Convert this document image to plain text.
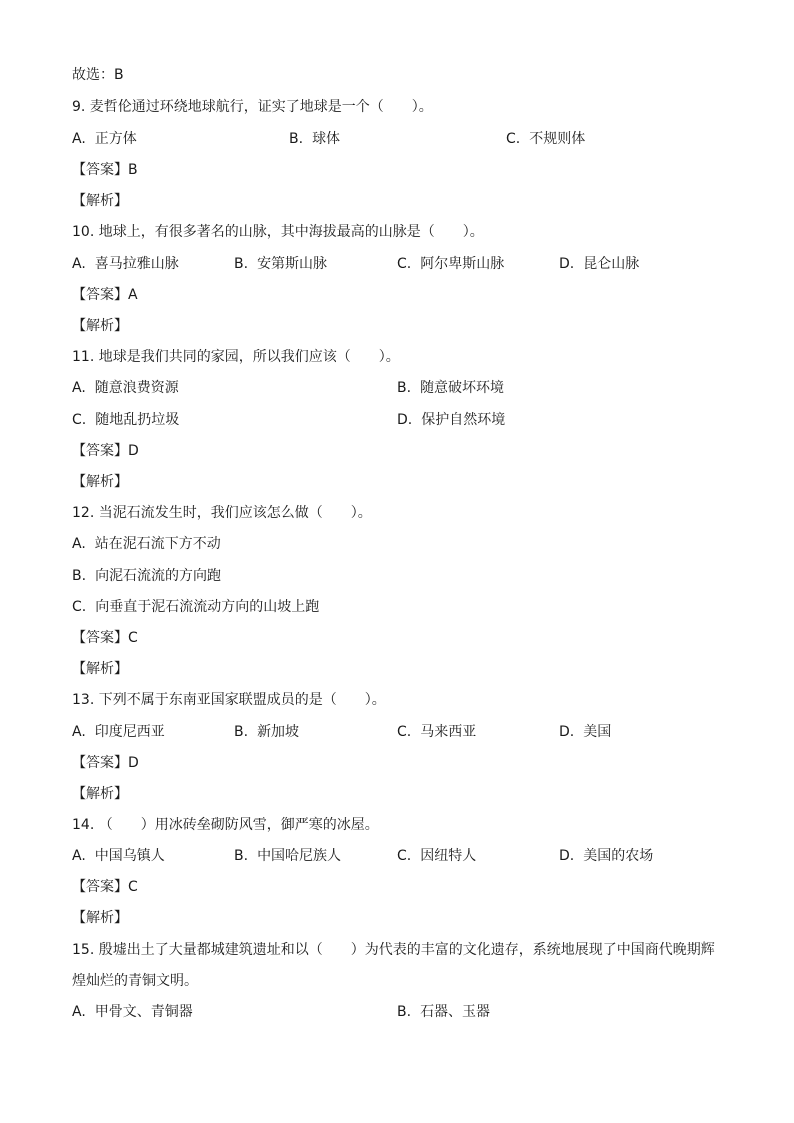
故选：B
9. 麦哲伦通过环绕地球航行，证实了地球是一个（　　）。
A. 正方体	B. 球体	C. 不规则体
【答案】B
【解析】
10. 地球上，有很多著名的山脉，其中海拔最高的山脉是（　　）。
A. 喜马拉雅山脉	B. 安第斯山脉	C. 阿尔卑斯山脉	D. 昆仑山脉
【答案】A
【解析】
11. 地球是我们共同的家园，所以我们应该（　　）。
A. 随意浪费资源	B. 随意破坏环境
C. 随地乱扔垃圾	D. 保护自然环境
【答案】D
【解析】
12. 当泥石流发生时，我们应该怎么做（　　）。
A. 站在泥石流下方不动
B. 向泥石流流的方向跑
C. 向垂直于泥石流流动方向的山坡上跑
【答案】C
【解析】
13. 下列不属于东南亚国家联盟成员的是（　　）。
A. 印度尼西亚	B. 新加坡	C. 马来西亚	D. 美国
【答案】D
【解析】
14. （　　）用冰砖垒砌防风雪，御严寒的冰屋。
A. 中国乌镇人	B. 中国哈尼族人	C. 因纽特人	D. 美国的农场
【答案】C
【解析】
15. 殷墟出土了大量都城建筑遗址和以（　　）为代表的丰富的文化遗存，系统地展现了中国商代晚期辉
煌灿烂的青铜文明。
A. 甲骨文、青铜器	B. 石器、玉器
